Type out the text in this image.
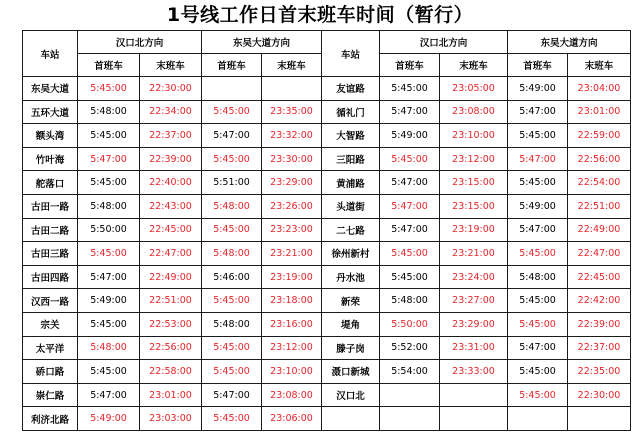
1号线工作日首末班车时间（暂行）
车站	汉口北方向		东吴大道方向		车站	汉口北方向		东吴大道方向	
	首班车	末班车	首班车	末班车		首班车	末班车	首班车	末班车
东吴大道	5:45:00	22:30:00			友谊路	5:45:00	23:05:00	5:49:00	23:04:00
五环大道	5:48:00	22:34:00	5:45:00	23:35:00	循礼门	5:47:00	23:08:00	5:47:00	23:01:00
额头湾	5:45:00	22:37:00	5:47:00	23:32:00	大智路	5:49:00	23:10:00	5:45:00	22:59:00
竹叶海	5:47:00	22:39:00	5:45:00	23:30:00	三阳路	5:45:00	23:12:00	5:47:00	22:56:00
舵落口	5:45:00	22:40:00	5:51:00	23:29:00	黄浦路	5:47:00	23:15:00	5:45:00	22:54:00
古田一路	5:48:00	22:43:00	5:48:00	23:26:00	头道街	5:47:00	23:15:00	5:49:00	22:51:00
古田二路	5:50:00	22:45:00	5:45:00	23:23:00	二七路	5:47:00	23:19:00	5:47:00	22:49:00
古田三路	5:45:00	22:47:00	5:48:00	23:21:00	徐州新村	5:45:00	23:21:00	5:45:00	22:47:00
古田四路	5:47:00	22:49:00	5:46:00	23:19:00	丹水池	5:45:00	23:24:00	5:48:00	22:45:00
汉西一路	5:49:00	22:51:00	5:45:00	23:18:00	新荣	5:48:00	23:27:00	5:45:00	22:42:00
宗关	5:45:00	22:53:00	5:48:00	23:16:00	堤角	5:50:00	23:29:00	5:45:00	22:39:00
太平洋	5:48:00	22:56:00	5:45:00	23:12:00	滕子岗	5:52:00	23:31:00	5:47:00	22:37:00
硚口路	5:45:00	22:58:00	5:45:00	23:10:00	滠口新城	5:54:00	23:33:00	5:45:00	22:35:00
崇仁路	5:47:00	23:01:00	5:47:00	23:08:00	汉口北			5:45:00	22:30:00
利济北路	5:49:00	23:03:00	5:45:00	23:06:00					
